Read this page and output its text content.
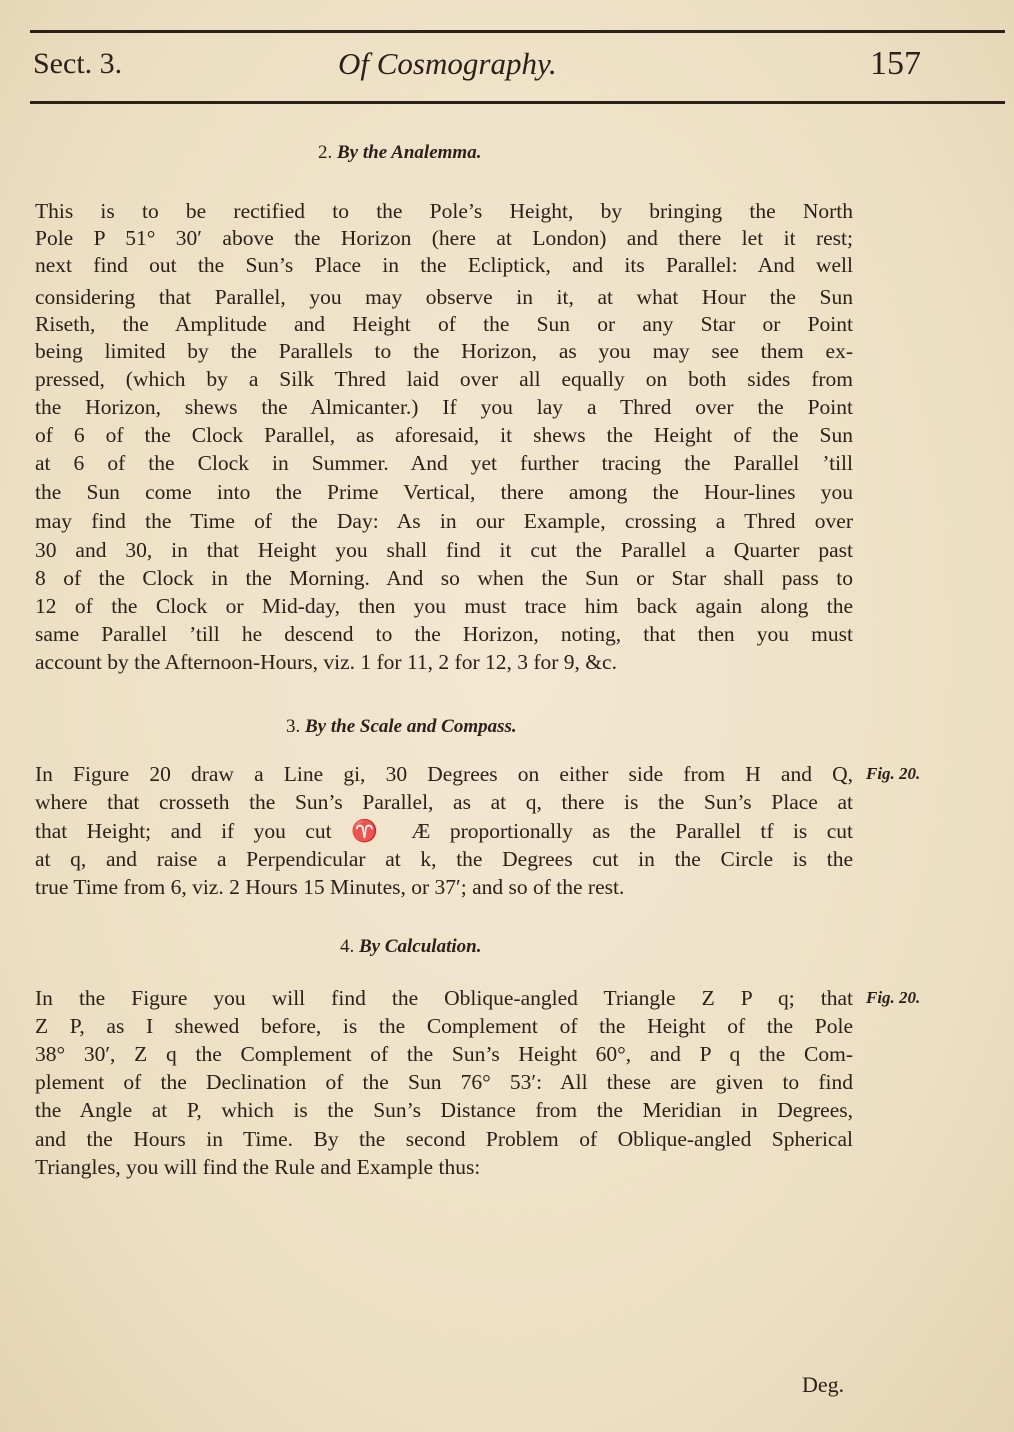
Sect. 3.	Of Cosmography.	157
2. By the Analemma.
This is to be rectified to the Pole’s Height, by bringing the North
Pole P 51° 30′ above the Horizon (here at London) and there let it rest;
next find out the Sun’s Place in the Ecliptick, and its Parallel: And well
considering that Parallel, you may observe in it, at what Hour the Sun
Riseth, the Amplitude and Height of the Sun or any Star or Point
being limited by the Parallels to the Horizon, as you may see them ex-
pressed, (which by a Silk Thred laid over all equally on both sides from
the Horizon, shews the Almicanter.) If you lay a Thred over the Point
of 6 of the Clock Parallel, as aforesaid, it shews the Height of the Sun
at 6 of the Clock in Summer. And yet further tracing the Parallel ’till
the Sun come into the Prime Vertical, there among the Hour-lines you
may find the Time of the Day: As in our Example, crossing a Thred over
30 and 30, in that Height you shall find it cut the Parallel a Quarter past
8 of the Clock in the Morning. And so when the Sun or Star shall pass to
12 of the Clock or Mid-day, then you must trace him back again along the
same Parallel ’till he descend to the Horizon, noting, that then you must
account by the Afternoon-Hours, viz. 1 for 11, 2 for 12, 3 for 9, &c.
3. By the Scale and Compass.
In Figure 20 draw a Line gi, 30 Degrees on either side from H and Q,
where that crosseth the Sun’s Parallel, as at q, there is the Sun’s Place at
that Height; and if you cut ♈ Æ proportionally as the Parallel tf is cut
at q, and raise a Perpendicular at k, the Degrees cut in the Circle is the
true Time from 6, viz. 2 Hours 15 Minutes, or 37′; and so of the rest.
Fig. 20.
4. By Calculation.
In the Figure you will find the Oblique-angled Triangle Z P q; that
Z P, as I shewed before, is the Complement of the Height of the Pole
38° 30′, Z q the Complement of the Sun’s Height 60°, and P q the Com-
plement of the Declination of the Sun 76° 53′: All these are given to find
the Angle at P, which is the Sun’s Distance from the Meridian in Degrees,
and the Hours in Time. By the second Problem of Oblique-angled Spherical
Triangles, you will find the Rule and Example thus:
Fig. 20.
Deg.
